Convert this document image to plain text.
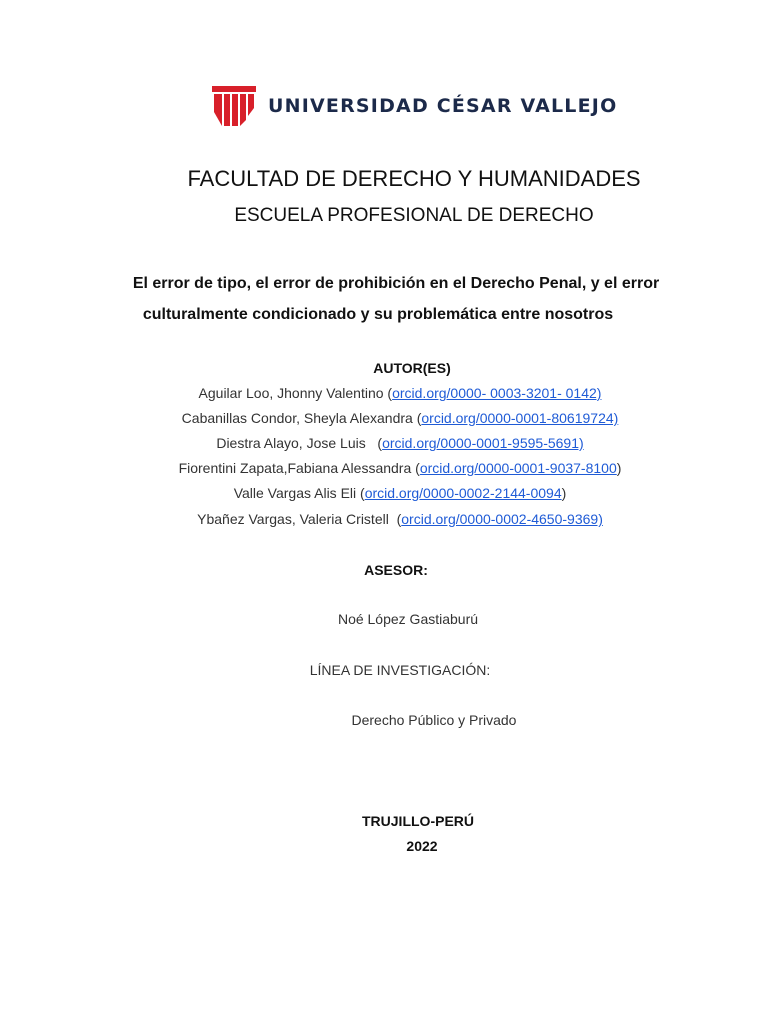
UNIVERSIDAD CÉSAR VALLEJO
FACULTAD DE DERECHO Y HUMANIDADES
ESCUELA PROFESIONAL DE DERECHO
El error de tipo, el error de prohibición en el Derecho Penal, y el error
culturalmente condicionado y su problemática entre nosotros
AUTOR(ES)
Aguilar Loo, Jhonny Valentino (orcid.org/0000- 0003-3201- 0142)
Cabanillas Condor, Sheyla Alexandra (orcid.org/0000-0001-80619724)
Diestra Alayo, Jose Luis   (orcid.org/0000-0001-9595-5691)
Fiorentini Zapata,Fabiana Alessandra (orcid.org/0000-0001-9037-8100)
Valle Vargas Alis Eli (orcid.org/0000-0002-2144-0094)
Ybañez Vargas, Valeria Cristell  (orcid.org/0000-0002-4650-9369)
ASESOR:
Noé López Gastiaburú
LÍNEA DE INVESTIGACIÓN:
Derecho Público y Privado
TRUJILLO-PERÚ
2022
